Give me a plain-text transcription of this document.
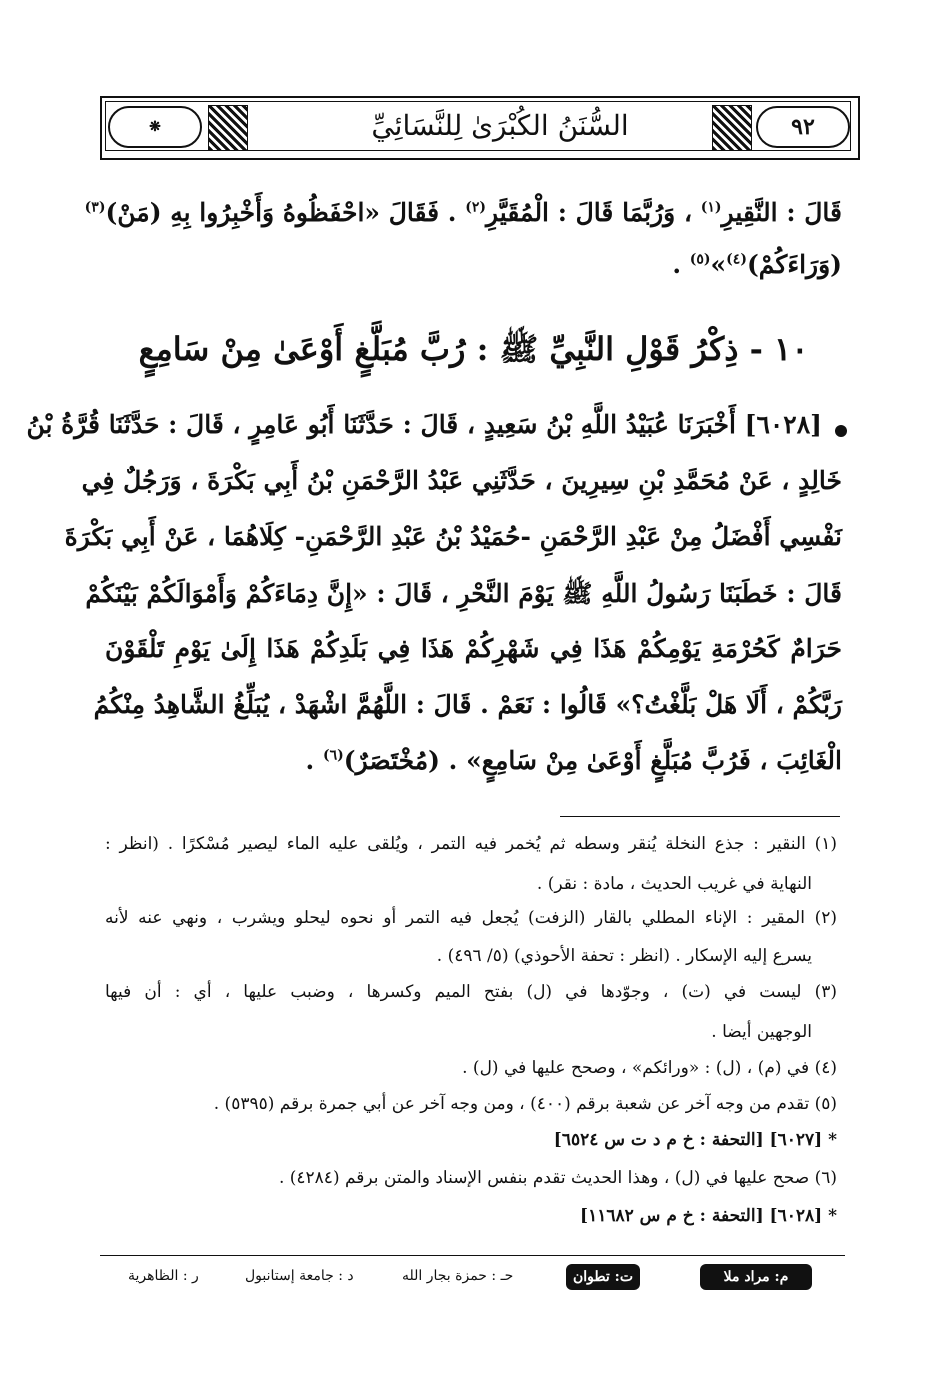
❋	السُّنَنُ الكُبْرَىٰ لِلنَّسَائِيِّ	٩٢
قَالَ : النَّقِيرِ$^{(١)}$ ، وَرُبَّمَا قَالَ : الْمُقَيَّرِ$^{(٢)}$ . فَقَالَ «احْفَظُوهُ وَأَخْبِرُوا بِهِ (مَنْ)$^{(٣)}$
(وَرَاءَكُمْ)$^{(٤)}$»$^{(٥)}$ .
١٠ - ذِكْرُ قَوْلِ النَّبِيِّ ﷺ : رُبَّ مُبَلَّغٍ أَوْعَىٰ مِنْ سَامِعٍ
[٦٠٢٨] أَخْبَرَنَا عُبَيْدُ اللَّهِ بْنُ سَعِيدٍ ، قَالَ : حَدَّثَنَا أَبُو عَامِرٍ ، قَالَ : حَدَّثَنَا قُرَّةُ بْنُ
خَالِدٍ ، عَنْ مُحَمَّدِ بْنِ سِيرِينَ ، حَدَّثَنِي عَبْدُ الرَّحْمَنِ بْنُ أَبِي بَكْرَةَ ، وَرَجُلٌ فِي
نَفْسِي أَفْضَلُ مِنْ عَبْدِ الرَّحْمَنِ -حُمَيْدُ بْنُ عَبْدِ الرَّحْمَنِ- كِلَاهُمَا ، عَنْ أَبِي بَكْرَةَ
قَالَ : خَطَبَنَا رَسُولُ اللَّهِ ﷺ يَوْمَ النَّحْرِ ، قَالَ : «إِنَّ دِمَاءَكُمْ وَأَمْوَالَكُمْ بَيْنَكُمْ
حَرَامٌ كَحُرْمَةِ يَوْمِكُمْ هَذَا فِي شَهْرِكُمْ هَذَا فِي بَلَدِكُمْ هَذَا إِلَىٰ يَوْمِ تَلْقَوْنَ
رَبَّكُمْ ، أَلَا هَلْ بَلَّغْتُ؟» قَالُوا : نَعَمْ . قَالَ : اللَّهُمَّ اشْهَدْ ، يُبَلِّغُ الشَّاهِدُ مِنْكُمُ
الْغَائِبَ ، فَرُبَّ مُبَلَّغٍ أَوْعَىٰ مِنْ سَامِعٍ» . (مُخْتَصَرٌ)$^{(٦)}$ .
(١) النقير : جذع النخلة يُنقر وسطه ثم يُخمر فيه التمر ، ويُلقى عليه الماء ليصير مُسْكرًا . (انظر :
النهاية في غريب الحديث ، مادة : نقر) .
(٢) المقير : الإناء المطلي بالقار (الزفت) يُجعل فيه التمر أو نحوه ليحلو ويشرب ، ونهي عنه لأنه
يسرع إليه الإسكار . (انظر : تحفة الأحوذي) (٥/ ٤٩٦) .
(٣) ليست في (ت) ، وجوّدها في (ل) بفتح الميم وكسرها ، وضبب عليها ، أي : أن فيها
الوجهين أيضا .
(٤) في (م) ، (ل) : «ورائكم» ، وصحح عليها في (ل) .
(٥) تقدم من وجه آخر عن شعبة برقم (٤٠٠) ، ومن وجه آخر عن أبي جمرة برقم (٥٣٩٥) .
* [٦٠٢٧] [التحفة : خ م د ت س ٦٥٢٤]
(٦) صحح عليها في (ل) ، وهذا الحديث تقدم بنفس الإسناد والمتن برقم (٤٢٨٤) .
* [٦٠٢٨] [التحفة : خ م س ١١٦٨٢]
م: مراد ملا
ت: تطوان
حـ : حمزة بجار الله
د : جامعة إستانبول
ر : الظاهرية
